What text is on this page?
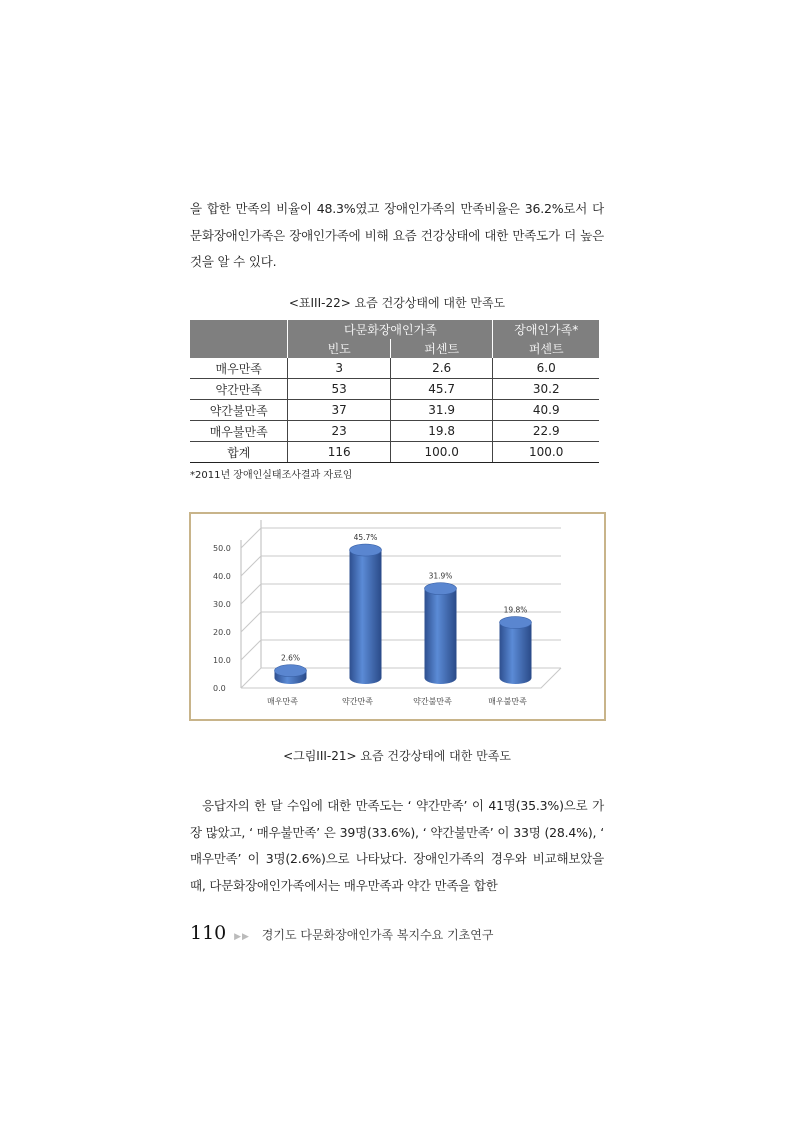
을 합한 만족의 비율이 48.3%였고 장애인가족의 만족비율은 36.2%로서 다문화장애인가족은 장애인가족에 비해 요즘 건강상태에 대한 만족도가 더 높은 것을 알 수 있다.

<표III-22> 요즘 건강상태에 대한 만족도
	다문화장애인가족		장애인가족*
	빈도	퍼센트	퍼센트
매우만족	3	2.6	6.0
약간만족	53	45.7	30.2
약간불만족	37	31.9	40.9
매우불만족	23	19.8	22.9
합계	116	100.0	100.0
*2011년 장애인실태조사결과 자료임
0.0
10.0
20.0
30.0
40.0
50.0
2.6%
45.7%
31.9%
19.8%
매우만족	약간만족	약간불만족	매우불만족
<그림III-21> 요즘 건강상태에 대한 만족도

응답자의 한 달 수입에 대한 만족도는 ‘ 약간만족’ 이 41명(35.3%)으로 가장 많았고, ‘ 매우불만족’ 은 39명(33.6%), ‘ 약간불만족’ 이 33명 (28.4%), ‘ 매우만족’ 이 3명(2.6%)으로 나타났다. 장애인가족의 경우와 비교해보았을 때, 다문화장애인가족에서는 매우만족과 약간 만족을 합한

110 ▶▶ 경기도 다문화장애인가족 복지수요 기초연구
